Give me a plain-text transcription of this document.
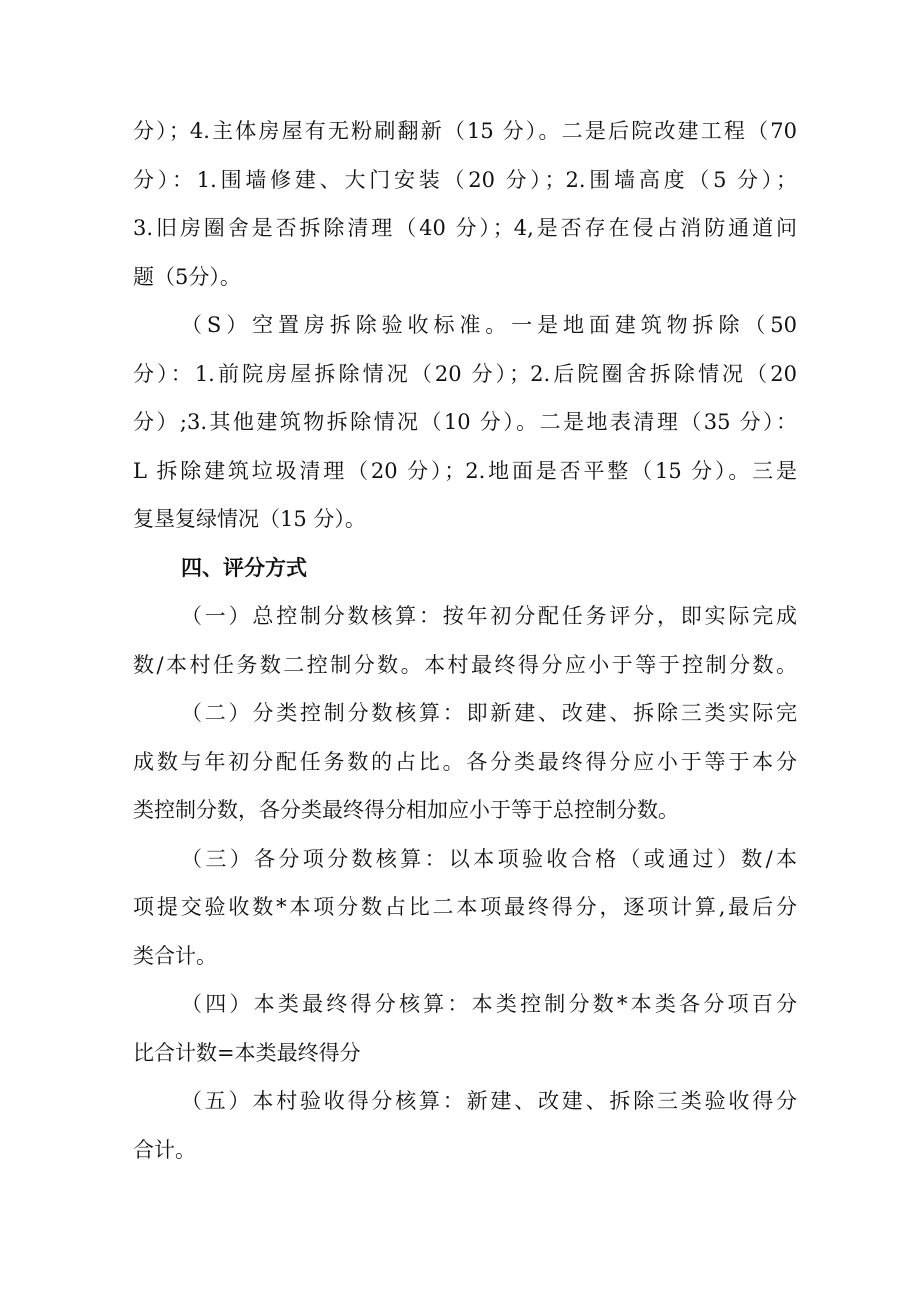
分）；4.主体房屋有无粉刷翻新（15 分）。二是后院改建工程（70
分）：1.围墙修建、大门安装（20 分）；2.围墙高度（5 分）；
3.旧房圈舍是否拆除清理（40 分）；4,是否存在侵占消防通道问
题（5分）。
（S）空置房拆除验收标准。一是地面建筑物拆除（50
分）：1.前院房屋拆除情况（20 分）；2.后院圈舍拆除情况（20
分）;3.其他建筑物拆除情况（10 分）。二是地表清理（35 分）：
L 拆除建筑垃圾清理（20 分）；2.地面是否平整（15 分）。三是
复垦复绿情况（15 分）。
四、评分方式
（一）总控制分数核算：按年初分配任务评分，即实际完成
数/本村任务数二控制分数。本村最终得分应小于等于控制分数。
（二）分类控制分数核算：即新建、改建、拆除三类实际完
成数与年初分配任务数的占比。各分类最终得分应小于等于本分
类控制分数，各分类最终得分相加应小于等于总控制分数。
（三）各分项分数核算：以本项验收合格（或通过）数/本
项提交验收数*本项分数占比二本项最终得分，逐项计算,最后分
类合计。
（四）本类最终得分核算：本类控制分数*本类各分项百分
比合计数=本类最终得分
（五）本村验收得分核算：新建、改建、拆除三类验收得分
合计。
